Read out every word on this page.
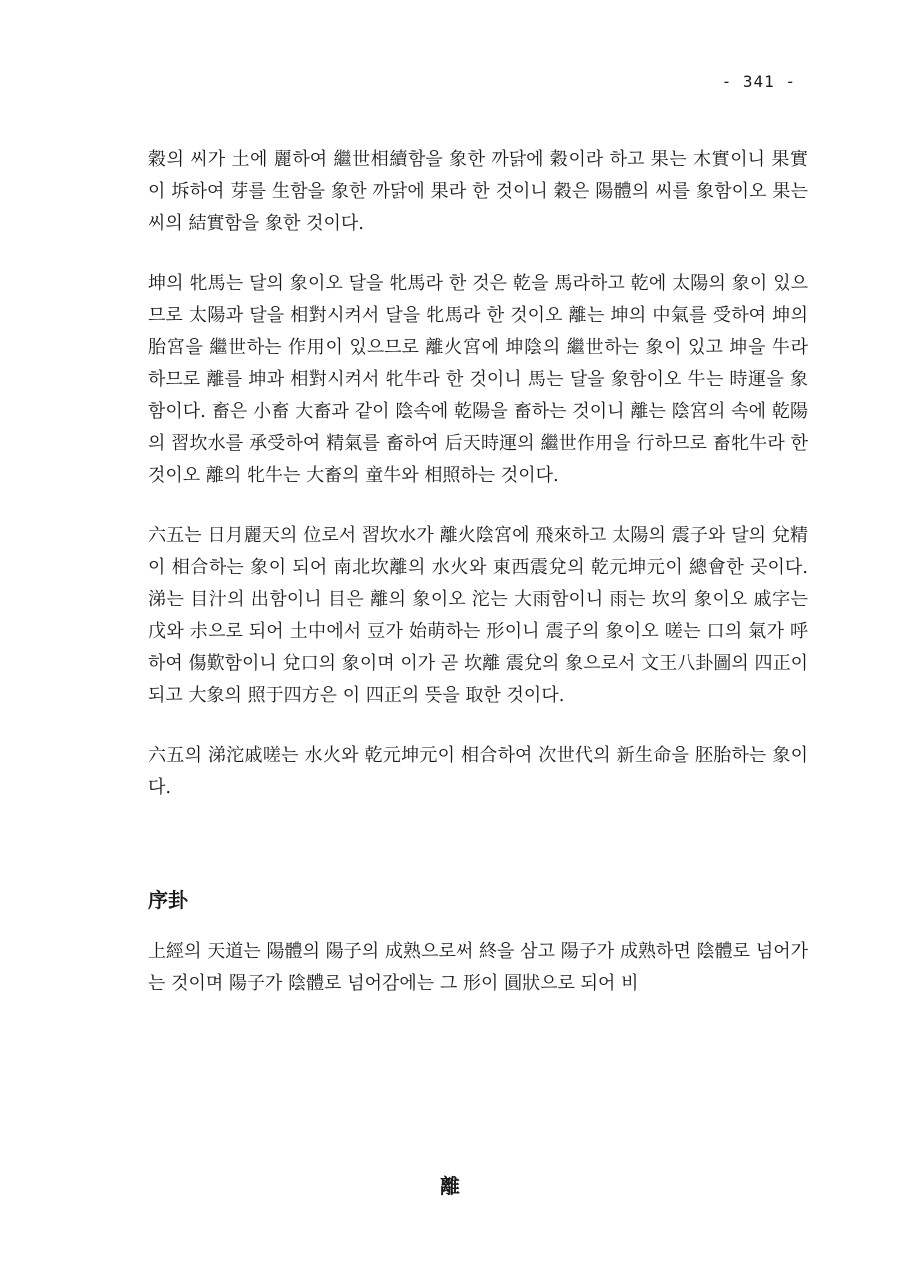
- 341 -

穀의 씨가 土에 麗하여 繼世相續함을 象한 까닭에 穀이라 하고 果는 木實이니 果實이 坼하여 芽를 生함을 象한 까닭에 果라 한 것이니 穀은 陽體의 씨를 象함이오 果는 씨의 結實함을 象한 것이다.

坤의 牝馬는 달의 象이오 달을 牝馬라 한 것은 乾을 馬라하고 乾에 太陽의 象이 있으므로 太陽과 달을 相對시켜서 달을 牝馬라 한 것이오 離는 坤의 中氣를 受하여 坤의 胎宮을 繼世하는 作用이 있으므로 離火宮에 坤陰의 繼世하는 象이 있고 坤을 牛라 하므로 離를 坤과 相對시켜서 牝牛라 한 것이니 馬는 달을 象함이오 牛는 時運을 象함이다. 畜은 小畜 大畜과 같이 陰속에 乾陽을 畜하는 것이니 離는 陰宮의 속에 乾陽의 習坎水를 承受하여 精氣를 畜하여 后天時運의 繼世作用을 行하므로 畜牝牛라 한 것이오 離의 牝牛는 大畜의 童牛와 相照하는 것이다.

六五는 日月麗天의 位로서 習坎水가 離火陰宮에 飛來하고 太陽의 震子와 달의 兌精이 相合하는 象이 되어 南北坎離의 水火와 東西震兌의 乾元坤元이 總會한 곳이다. 涕는 目汁의 出함이니 目은 離의 象이오 沱는 大雨함이니 雨는 坎의 象이오 戚字는 戊와 尗으로 되어 土中에서 豆가 始萌하는 形이니 震子의 象이오 嗟는 口의 氣가 呼하여 傷歎함이니 兌口의 象이며 이가 곧 坎離 震兌의 象으로서 文王八卦圖의 四正이 되고 大象의 照于四方은 이 四正의 뜻을 取한 것이다.

六五의 涕沱戚嗟는 水火와 乾元坤元이 相合하여 次世代의 新生命을 胚胎하는 象이다.

序卦

上經의 天道는 陽體의 陽子의 成熟으로써 終을 삼고 陽子가 成熟하면 陰體로 넘어가는 것이며 陽子가 陰體로 넘어감에는 그 形이 圓狀으로 되어 비

離
